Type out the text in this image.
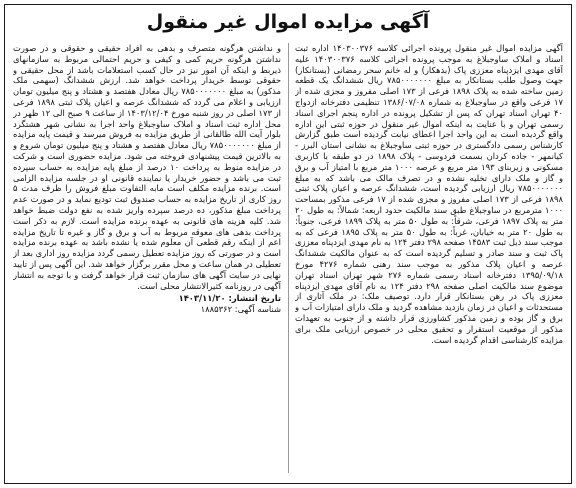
آگهی مزایده اموال غیر منقول

آگهی مزایده اموال غیر منقول پرونده اجرائی کلاسه ۱۴۰۳۰۰۳۷۶ اداره ثبت اسناد و املاک ساوجبلاغ به موجب پرونده اجرائی کلاسه ۱۴۰۳۰۰۳۷۶ علیه آقای مهدی ایزدپناه معززی پاک (بدهکار) و له خانم سحر رمضانی (بستانکار) جهت وصول طلب بستانکار به مبلغ ۷۸۵۰۰۰۰۰۰۰ ریال ششدانگ یک قطعه زمین ساخته شده به پلاک ۱۸۹۸ فرعی از ۱۷۳ اصلی مفروز و مجزی شده از ۱۷ فرعی واقع در ساوجبلاغ به شماره ۱۳۸۶/۰۷/۰۸ تنظیمی دفترخانه ازدواج ۴۰ تهران اسناد تهران که پس از تشکیل پرونده در اداره پنجم اجرای اسناد رسمی تهران و با عنایت به اینکه اموال غیر منقول در حوزه ثبتی این اداره واقع گردیده است به این واحد اجرا اعطای نیابت گردیده است طبق گزارش کارشناس رسمی دادگستری در حوزه ثبتی ساوجبلاغ به نشانی استان البرز - کیانمهر - جاده کردان بسمت فردوسی - پلاک ۱۸۹۸ در دو طبقه با کاربری مسکونی و زیربنای ۱۹۳ متر مربع و عرصه ۱۰۰۰ متر مربع با امتیاز آب و برق و گاز و ملک دارای تخلیه نشده و در تصرف مالک می باشد که به مبلغ ۷۸۵۰۰۰۰۰۰۰ ریال ارزیابی گردیده است، ششدانگ عرصه و اعیان پلاک ثبتی ۱۸۹۸ فرعی از ۱۷۳ اصلی مفروز و مجزی شده از ۱۷ فرعی مذکور بمساحت ۱۰۰۰ مترمربع در ساوجبلاغ طبق سند مالکیت حدود اربعه: شمالاً: به طول ۲۰ متر به پلاک ۱۸۹۷ فرعی، شرقاً: به طول ۵۰ متر به پلاک ۱۸۹۹ فرعی، جنوباً: به طول ۲۰ متر به خیابان، غرباً: به طول ۵۰ متر به پلاک ۱۸۹۵ فرعی که به موجب سند ذیل ثبت ۱۴۵۸۳ صفحه ۲۹۸ دفتر ۱۲۴ به نام مهدی ایزدپناه معززی پاک ثبت و سند صادر و تسلیم گردیده است که به عنوان مالکیت ششدانگ عرصه و اعیان پلاک مذکور به موجب سند رهنی شماره ۴۲۷۶ مورخ ۱۳۹۵/۰۹/۱۸ دفترخانه اسناد رسمی شماره ۲۷۶ شهر تهران اسناد تهران موضوع سند مالکیت اصلی صفحه ۲۹۸ دفتر ۱۲۴ به نام آقای مهدی ایزدپناه معززی پاک در رهن بستانکار قرار دارد. توصیف ملک: در ملک آثاری از مستحدثات و اعیان در زمان بازدید مشاهده گردید و ملک دارای امتیازات آب و برق و گاز بوده و زمین مذکور کشاورزی قرار داشته و از جنوب به تعهدات مذکور از موقعیت استقرار و تحقیق محلی در خصوص ارزیابی ملک برای مزایده کارشناسی اقدام گردیده است.

و نداشتن هرگونه متصرف و بدهی به افراد حقیقی و حقوقی و در صورت نداشتن هرگونه حریم کمی و کیفی و حریم احتمالی مربوط به سازمانهای ذیربط و اینکه آن امور نیز در حال کسب استعلامات باشد از محل حقیقی و حقوقی توسط خریدار پرداخت خواهد شد. ارزش ششدانگ (سهمی ملک مذکور) به مبلغ ۷۸۵۰۰۰۰۰۰۰ ریال معادل هفتصد و هشتاد و پنج میلیون تومان ارزیابی و اعلام می گردد که ششدانگ عرصه و اعیان پلاک ثبتی ۱۸۹۸ فرعی از ۱۷۳ اصلی در روز شنبه مورخ ۱۴۰۳/۱۲/۰۴ از ساعت ۹ صبح الی ۱۲ ظهر در محل اداره ثبت اسناد و املاک ساوجبلاغ واحد اجرا به نشانی شهر هشتگرد بلوار آیت الله طالقانی از طریق مزایده به فروش میرسد و قیمت پایه مزایده از مبلغ ۷۸۵۰۰۰۰۰۰۰ ریال معادل هفتصد و هشتاد و پنج میلیون تومان شروع و به بالاترین قیمت پیشنهادی فروخته می شود. مزایده حضوری است و شرکت در مزایده منوط به پرداخت ۱۰ درصد از مبلغ پایه مزایده به حساب سپرده ثبت می باشد و حضور خریدار یا نماینده قانونی او در جلسه مزایده الزامی است. برنده مزایده مکلف است مابه التفاوت مبلغ فروش را ظرف مدت ۵ روز کاری از تاریخ مزایده به حساب صندوق ثبت تودیع نماید و در صورت عدم پرداخت مبلغ مذکور، ده درصد سپرده واریز شده به نفع دولت ضبط خواهد شد. کلیه هزینه های قانونی به عهده برنده مزایده است. لازم به ذکر است پرداخت بدهی های معوقه مربوط به آب و برق و گاز و غیره تا تاریخ مزایده اعم از اینکه رقم قطعی آن معلوم شده یا نشده باشد به عهده برنده مزایده است و در صورتی که روز مزایده تعطیل رسمی گردد مزایده روز اداری بعد از تعطیلی در همان ساعت و محل مقرر برگزار خواهد شد. این آگهی پس از تایید نهایی در سایت آگهی های سازمان ثبت قرار خواهد گرفت و با توجه به انتشار آگهی در روزنامه کثیرالانتشار محلی است.

تاریخ انتشار: ۱۴۰۳/۱۱/۲۰

شناسه آگهی: ۱۸۸۵۳۶۲
